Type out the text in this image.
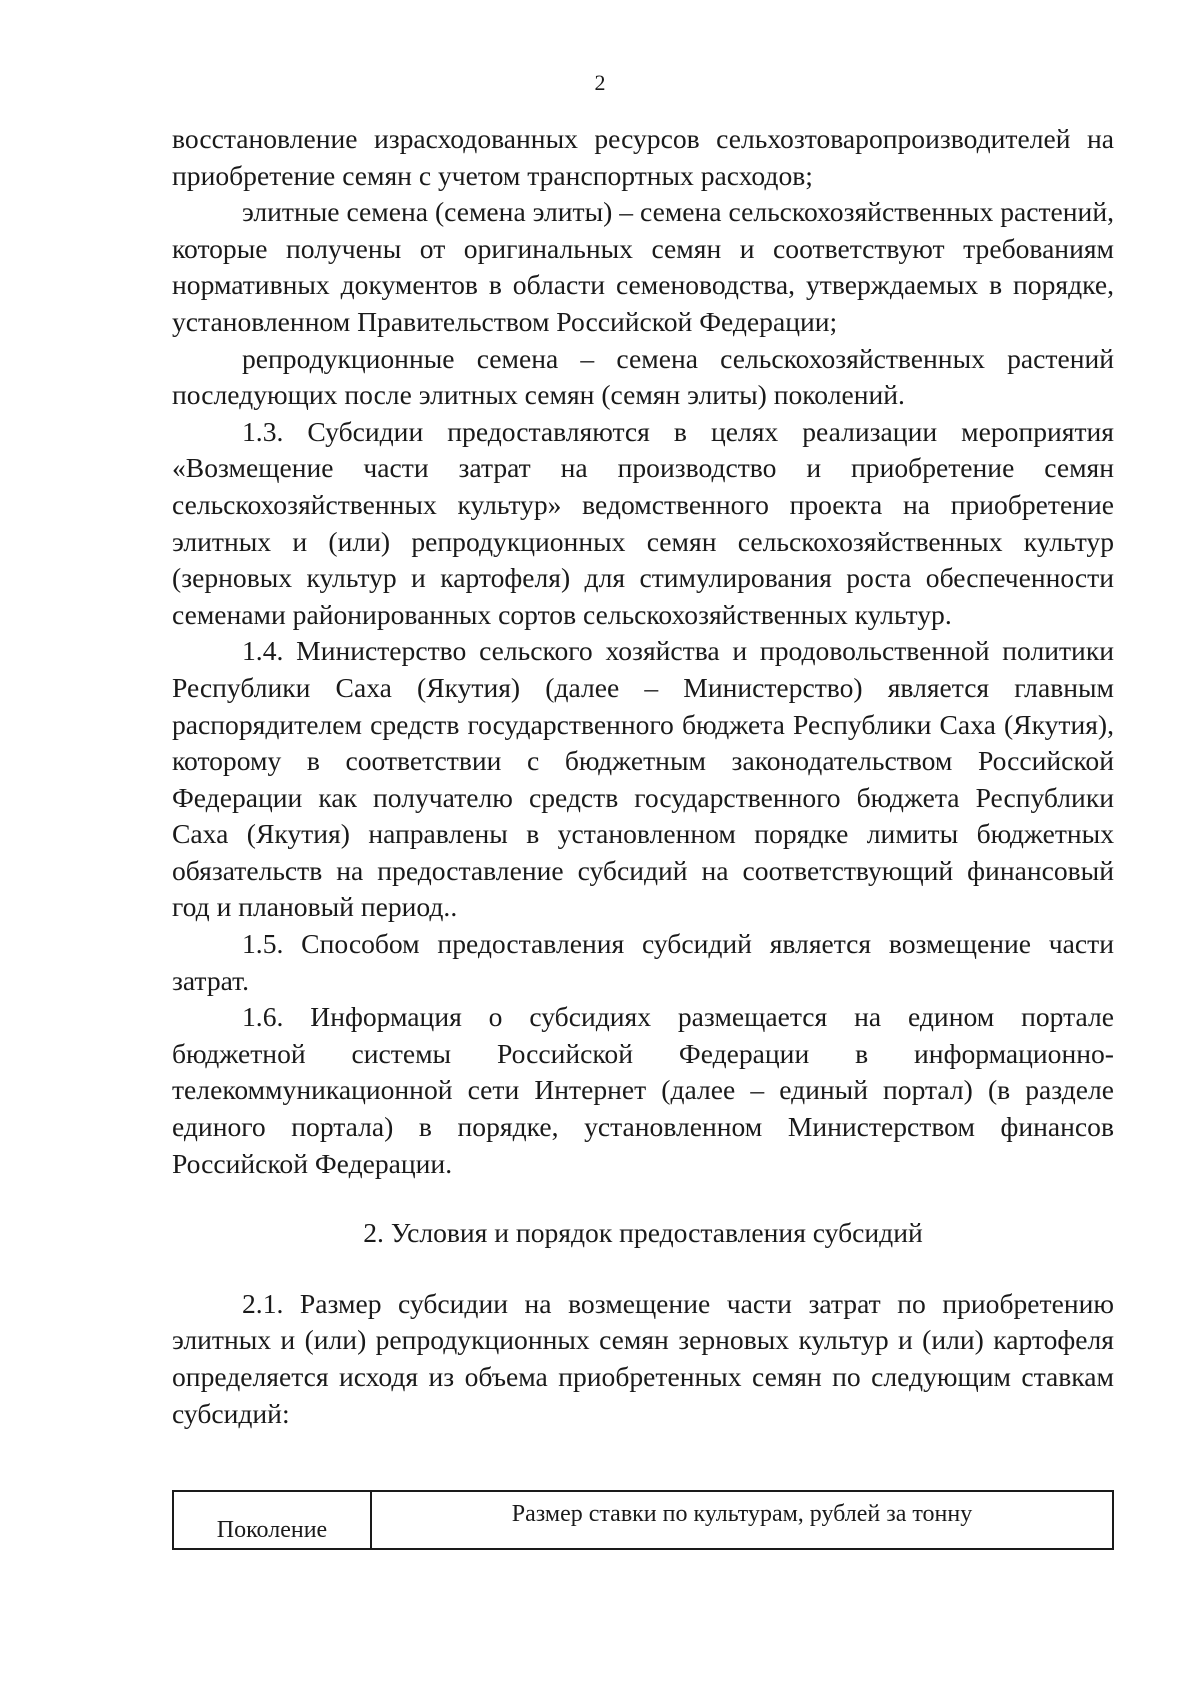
2

восстановление израсходованных ресурсов сельхозтоваропроизводителей на приобретение семян с учетом транспортных расходов;

элитные семена (семена элиты) – семена сельскохозяйственных растений, которые получены от оригинальных семян и соответствуют требованиям нормативных документов в области семеноводства, утверждаемых в порядке, установленном Правительством Российской Федерации;

репродукционные семена – семена сельскохозяйственных растений последующих после элитных семян (семян элиты) поколений.

1.3. Субсидии предоставляются в целях реализации мероприятия «Возмещение части затрат на производство и приобретение семян сельскохозяйственных культур» ведомственного проекта на приобретение элитных и (или) репродукционных семян сельскохозяйственных культур (зерновых культур и картофеля) для стимулирования роста обеспеченности семенами районированных сортов сельскохозяйственных культур.

1.4. Министерство сельского хозяйства и продовольственной политики Республики Саха (Якутия) (далее – Министерство) является главным распорядителем средств государственного бюджета Республики Саха (Якутия), которому в соответствии с бюджетным законодательством Российской Федерации как получателю средств государственного бюджета Республики Саха (Якутия) направлены в установленном порядке лимиты бюджетных обязательств на предоставление субсидий на соответствующий финансовый год и плановый период..

1.5. Способом предоставления субсидий является возмещение части затрат.

1.6. Информация о субсидиях размещается на едином портале бюджетной системы Российской Федерации в информационно-телекоммуникационной сети Интернет (далее – единый портал) (в разделе единого портала) в порядке, установленном Министерством финансов Российской Федерации.

2. Условия и порядок предоставления субсидий

2.1. Размер субсидии на возмещение части затрат по приобретению элитных и (или) репродукционных семян зерновых культур и (или) картофеля определяется исходя из объема приобретенных семян по следующим ставкам субсидий:

Поколение	Размер ставки по культурам, рублей за тонну
